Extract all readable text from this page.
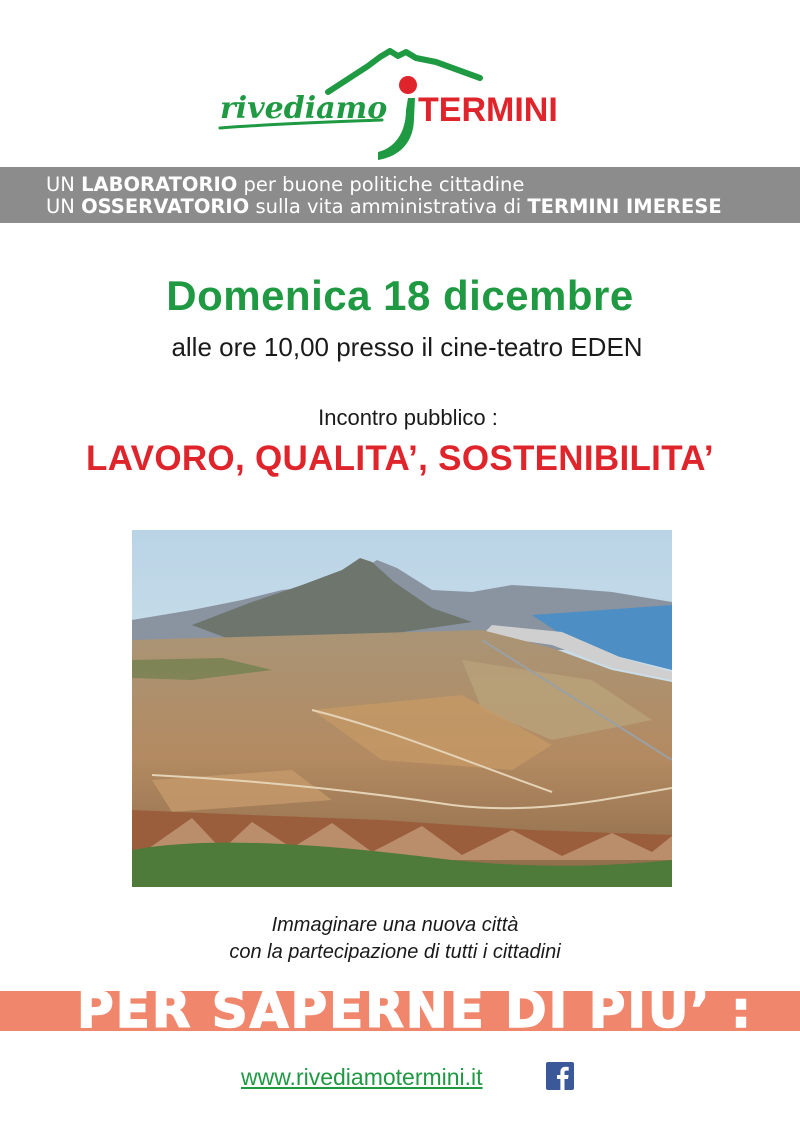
rivediamo TERMINI
UN LABORATORIO per buone politiche cittadine
UN OSSERVATORIO sulla vita amministrativa di TERMINI IMERESE
Domenica 18 dicembre
alle ore 10,00 presso il cine-teatro EDEN
Incontro pubblico :
LAVORO, QUALITA’, SOSTENIBILITA’
Immaginare una nuova città
con la partecipazione di tutti i cittadini
PER SAPERNE DI PIU’ :
www.rivediamotermini.it
